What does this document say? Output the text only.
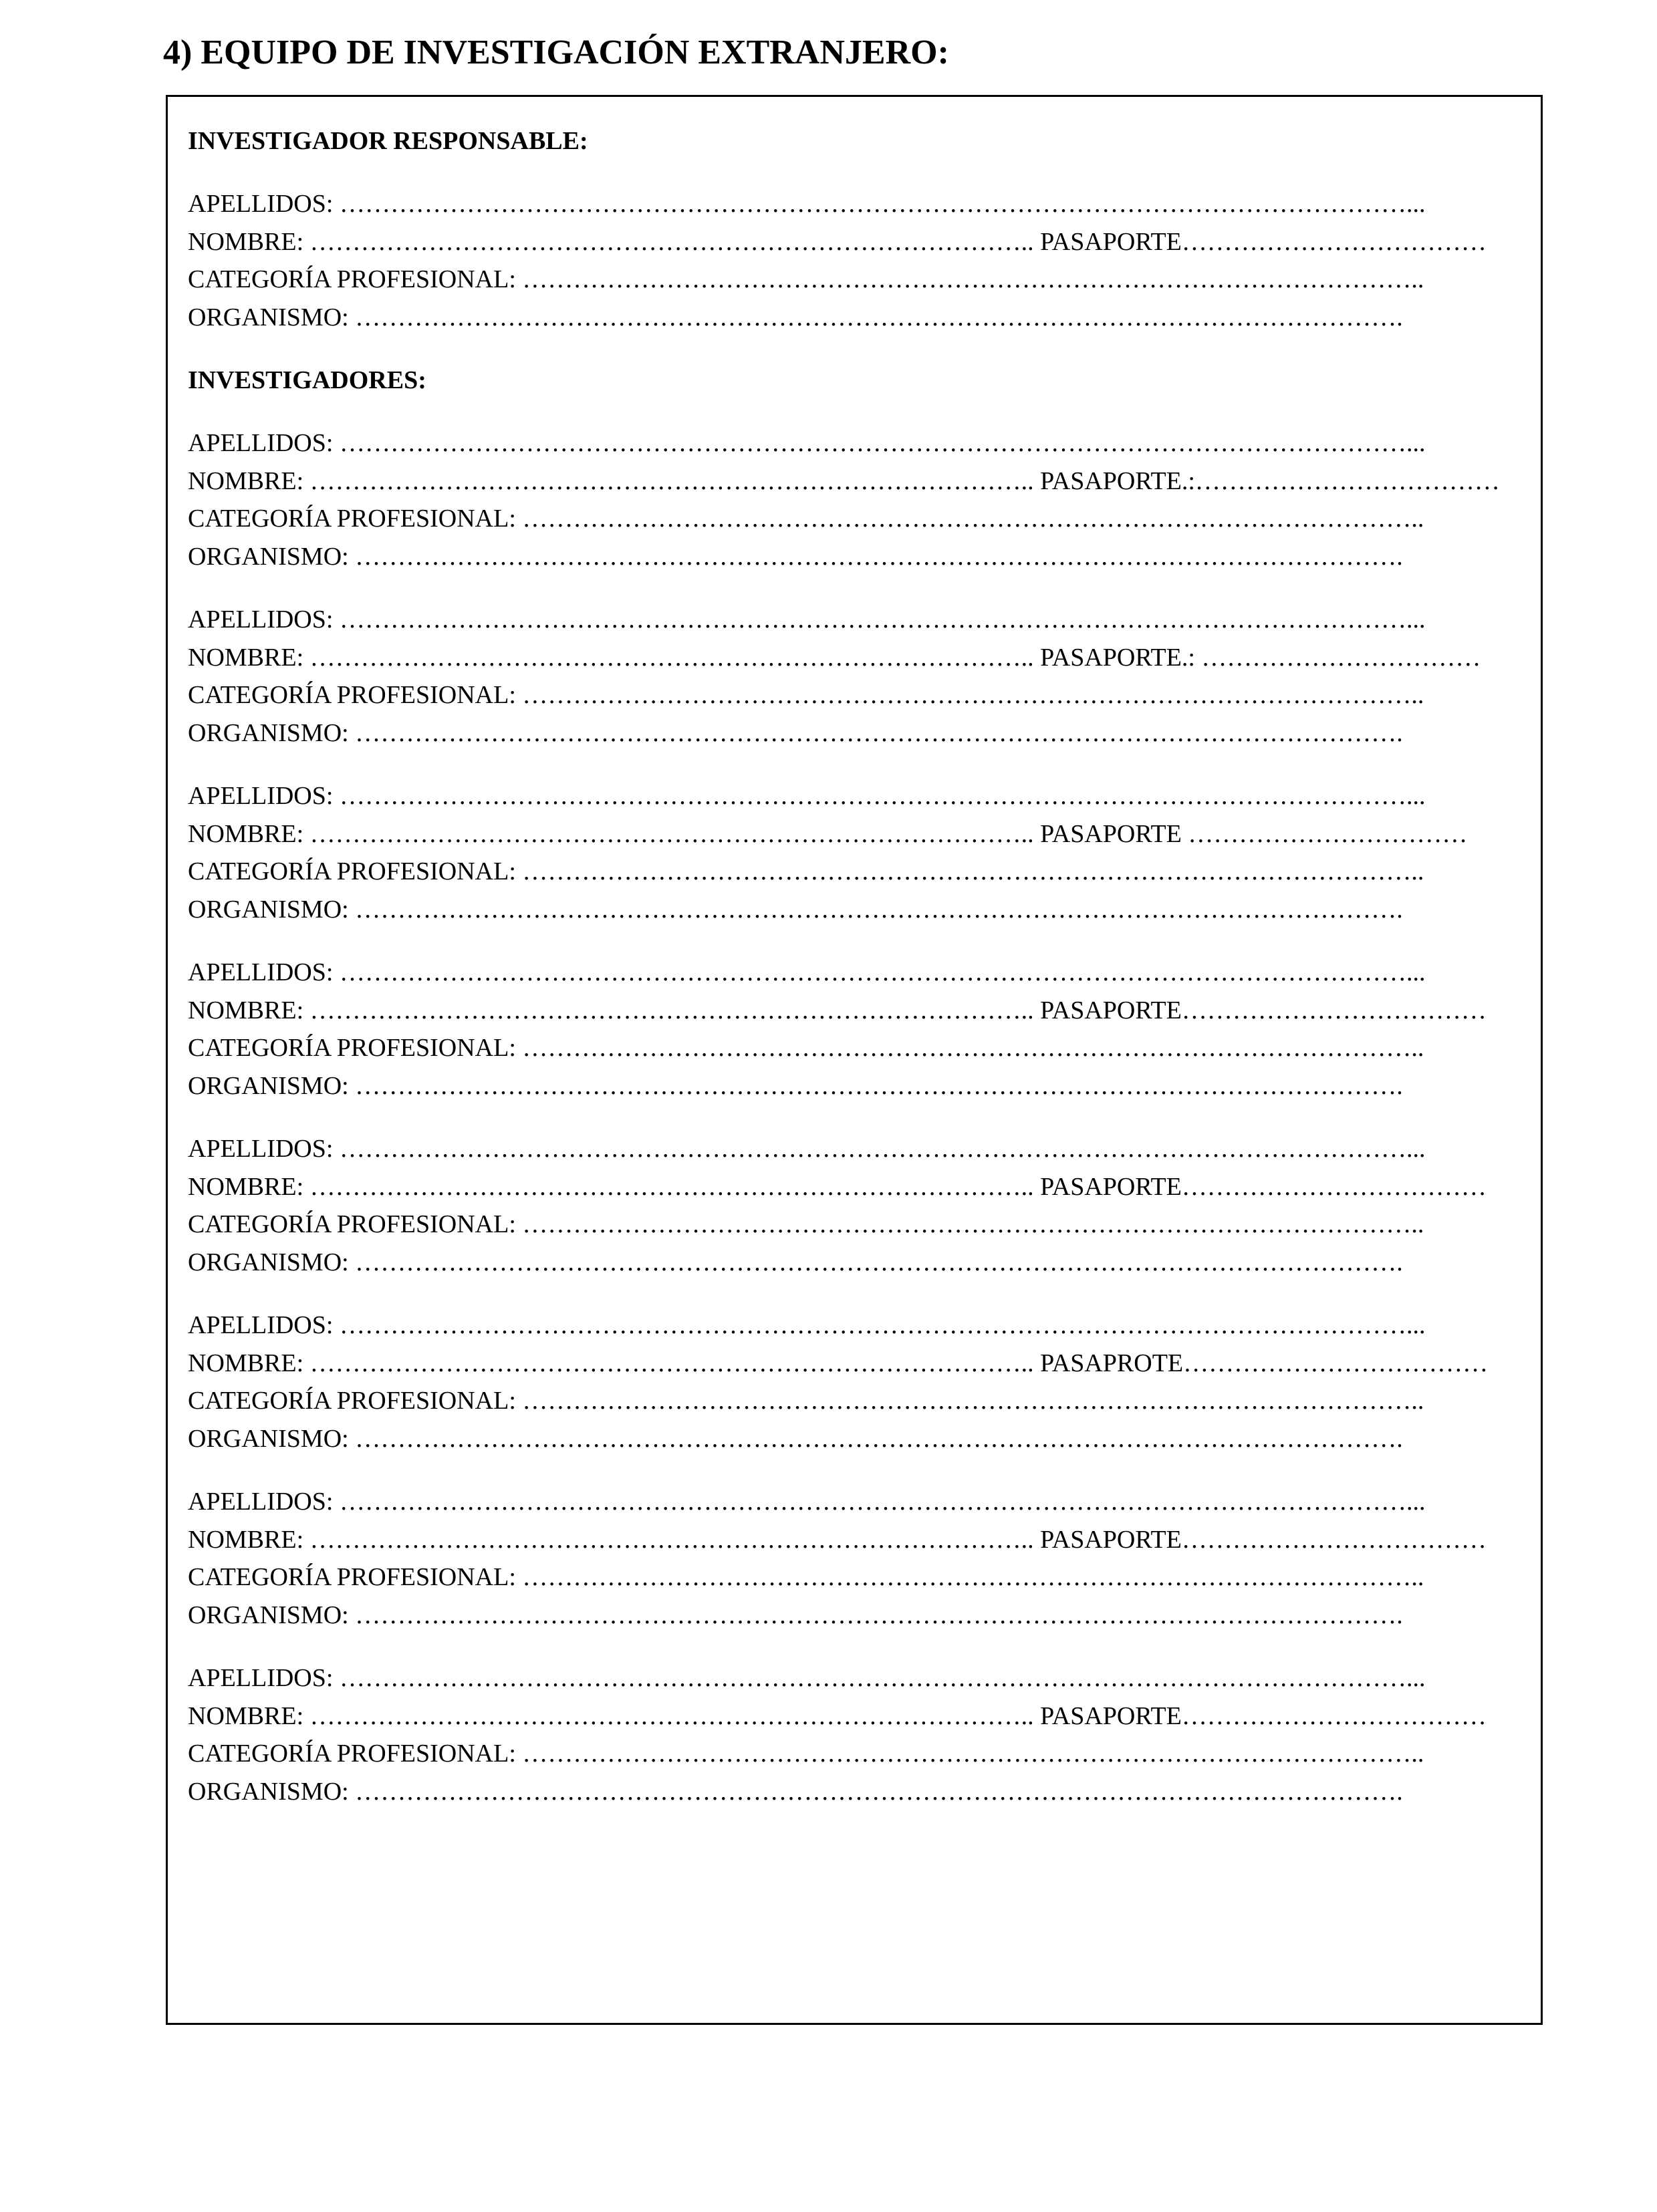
4) EQUIPO DE INVESTIGACIÓN EXTRANJERO:
INVESTIGADOR RESPONSABLE:
APELLIDOS: ………………………………………………………………………………………………………………...
NOMBRE: ………………………………………………………………………….. PASAPORTE………………………………
CATEGORÍA PROFESIONAL: ……………………………………………………………………………………………..
ORGANISMO: …………………………………………………………………………………………………………….
INVESTIGADORES:
APELLIDOS: ………………………………………………………………………………………………………………...
NOMBRE: ………………………………………………………………………….. PASAPORTE.:………………………………
CATEGORÍA PROFESIONAL: ……………………………………………………………………………………………..
ORGANISMO: …………………………………………………………………………………………………………….
APELLIDOS: ………………………………………………………………………………………………………………...
NOMBRE: ………………………………………………………………………….. PASAPORTE.: ……………………………
CATEGORÍA PROFESIONAL: ……………………………………………………………………………………………..
ORGANISMO: …………………………………………………………………………………………………………….
APELLIDOS: ………………………………………………………………………………………………………………...
NOMBRE: ………………………………………………………………………….. PASAPORTE ……………………………
CATEGORÍA PROFESIONAL: ……………………………………………………………………………………………..
ORGANISMO: …………………………………………………………………………………………………………….
APELLIDOS: ………………………………………………………………………………………………………………...
NOMBRE: ………………………………………………………………………….. PASAPORTE………………………………
CATEGORÍA PROFESIONAL: ……………………………………………………………………………………………..
ORGANISMO: …………………………………………………………………………………………………………….
APELLIDOS: ………………………………………………………………………………………………………………...
NOMBRE: ………………………………………………………………………….. PASAPORTE………………………………
CATEGORÍA PROFESIONAL: ……………………………………………………………………………………………..
ORGANISMO: …………………………………………………………………………………………………………….
APELLIDOS: ………………………………………………………………………………………………………………...
NOMBRE: ………………………………………………………………………….. PASAPROTE………………………………
CATEGORÍA PROFESIONAL: ……………………………………………………………………………………………..
ORGANISMO: …………………………………………………………………………………………………………….
APELLIDOS: ………………………………………………………………………………………………………………...
NOMBRE: ………………………………………………………………………….. PASAPORTE………………………………
CATEGORÍA PROFESIONAL: ……………………………………………………………………………………………..
ORGANISMO: …………………………………………………………………………………………………………….
APELLIDOS: ………………………………………………………………………………………………………………...
NOMBRE: ………………………………………………………………………….. PASAPORTE………………………………
CATEGORÍA PROFESIONAL: ……………………………………………………………………………………………..
ORGANISMO: …………………………………………………………………………………………………………….
